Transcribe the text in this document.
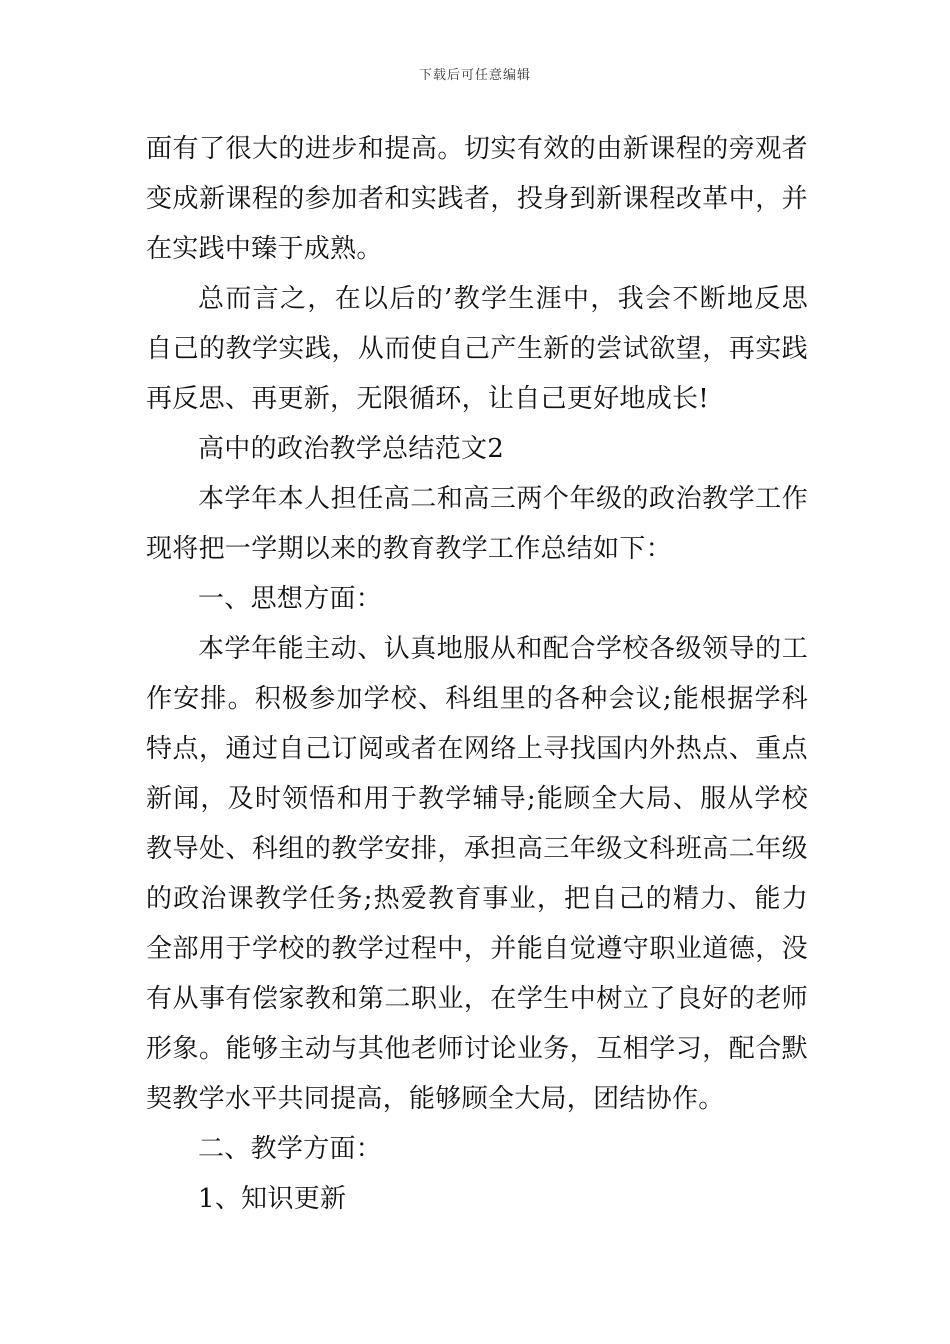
下载后可任意编辑

面有了很大的进步和提高。切实有效的由新课程的旁观者变成新课程的参加者和实践者，投身到新课程改革中，并在实践中臻于成熟。

总而言之，在以后的’教学生涯中，我会不断地反思自己的教学实践，从而使自己产生新的尝试欲望，再实践再反思、再更新，无限循环，让自己更好地成长!

高中的政治教学总结范文2

本学年本人担任高二和高三两个年级的政治教学工作现将把一学期以来的教育教学工作总结如下：

一、思想方面：

本学年能主动、认真地服从和配合学校各级领导的工作安排。积极参加学校、科组里的各种会议;能根据学科特点，通过自己订阅或者在网络上寻找国内外热点、重点新闻，及时领悟和用于教学辅导;能顾全大局、服从学校教导处、科组的教学安排，承担高三年级文科班高二年级的政治课教学任务;热爱教育事业，把自己的精力、能力全部用于学校的教学过程中，并能自觉遵守职业道德，没有从事有偿家教和第二职业，在学生中树立了良好的老师形象。能够主动与其他老师讨论业务，互相学习，配合默契教学水平共同提高，能够顾全大局，团结协作。

二、教学方面：

1、知识更新
